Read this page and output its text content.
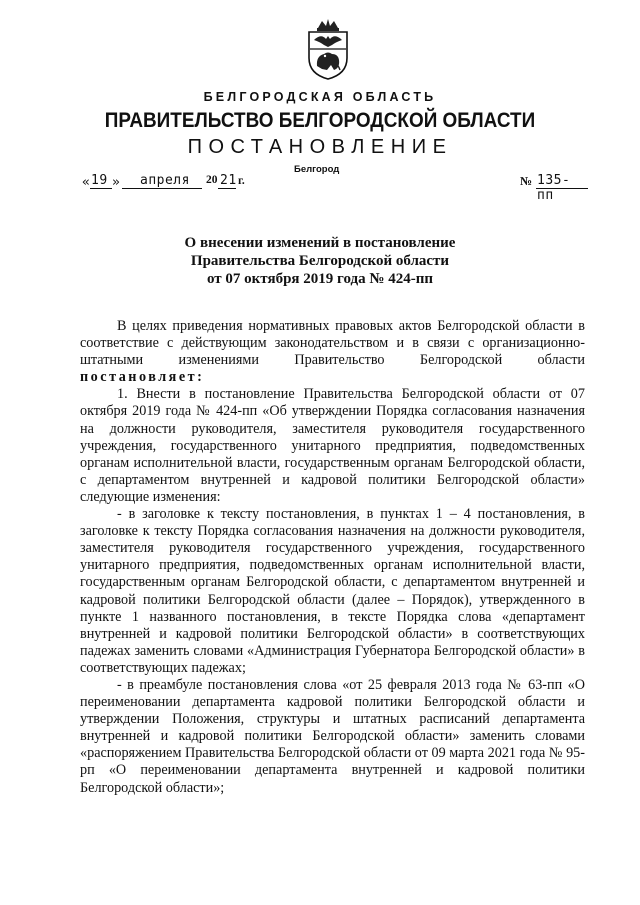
БЕЛГОРОДСКАЯ ОБЛАСТЬ
ПРАВИТЕЛЬСТВО БЕЛГОРОДСКОЙ ОБЛАСТИ
ПОСТАНОВЛЕНИЕ
Белгород
« 19 » апреля 20 21 г.	№ 135-пп
О внесении изменений в постановление
Правительства Белгородской области
от 07 октября 2019 года № 424-пп

В целях приведения нормативных правовых актов Белгородской области в соответствие с действующим законодательством и в связи с организационно-штатными изменениями Правительство Белгородской области постановляет:

1. Внести в постановление Правительства Белгородской области от 07 октября 2019 года № 424-пп «Об утверждении Порядка согласования назначения на должности руководителя, заместителя руководителя государственного учреждения, государственного унитарного предприятия, подведомственных органам исполнительной власти, государственным органам Белгородской области, с департаментом внутренней и кадровой политики Белгородской области» следующие изменения:

- в заголовке к тексту постановления, в пунктах 1 – 4 постановления, в заголовке к тексту Порядка согласования назначения на должности руководителя, заместителя руководителя государственного учреждения, государственного унитарного предприятия, подведомственных органам исполнительной власти, государственным органам Белгородской области, с департаментом внутренней и кадровой политики Белгородской области (далее – Порядок), утвержденного в пункте 1 названного постановления, в тексте Порядка слова «департамент внутренней и кадровой политики Белгородской области» в соответствующих падежах заменить словами «Администрация Губернатора Белгородской области» в соответствующих падежах;

- в преамбуле постановления слова «от 25 февраля 2013 года № 63-пп «О переименовании департамента кадровой политики Белгородской области и утверждении Положения, структуры и штатных расписаний департамента внутренней и кадровой политики Белгородской области» заменить словами «распоряжением Правительства Белгородской области от 09 марта 2021 года № 95-рп «О переименовании департамента внутренней и кадровой политики Белгородской области»;
